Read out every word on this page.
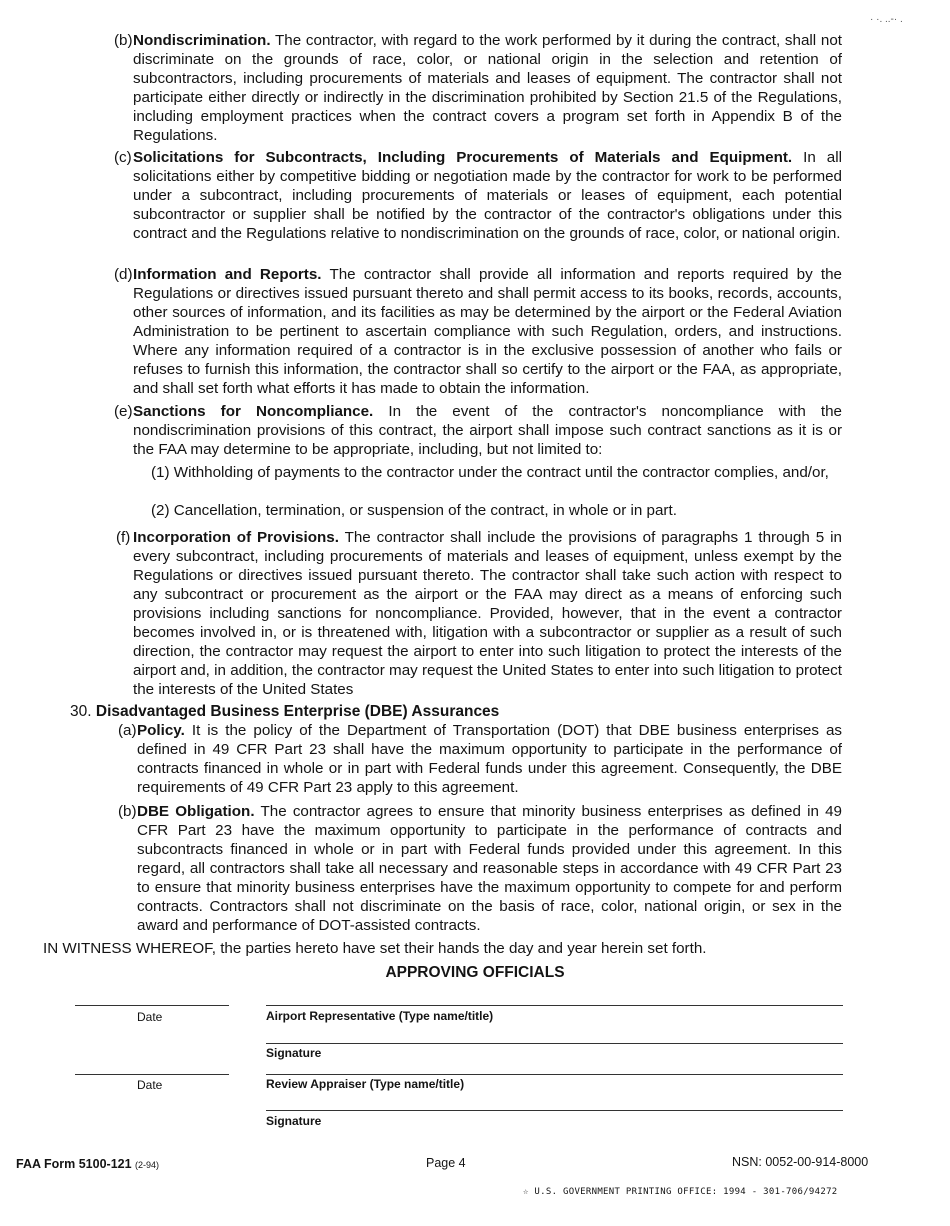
· ·. ..-· .
(b) Nondiscrimination. The contractor, with regard to the work performed by it during the contract, shall not discriminate on the grounds of race, color, or national origin in the selection and retention of subcontractors, including procurements of materials and leases of equipment. The contractor shall not participate either directly or indirectly in the discrimination prohibited by Section 21.5 of the Regulations, including employment practices when the contract covers a program set forth in Appendix B of the Regulations.
(c) Solicitations for Subcontracts, Including Procurements of Materials and Equipment. In all solicitations either by competitive bidding or negotiation made by the contractor for work to be performed under a subcontract, including procurements of materials or leases of equipment, each potential subcontractor or supplier shall be notified by the contractor of the contractor's obligations under this contract and the Regulations relative to nondiscrimination on the grounds of race, color, or national origin.
(d) Information and Reports. The contractor shall provide all information and reports required by the Regulations or directives issued pursuant thereto and shall permit access to its books, records, accounts, other sources of information, and its facilities as may be determined by the airport or the Federal Aviation Administration to be pertinent to ascertain compliance with such Regulation, orders, and instructions. Where any information required of a contractor is in the exclusive possession of another who fails or refuses to furnish this information, the contractor shall so certify to the airport or the FAA, as appropriate, and shall set forth what efforts it has made to obtain the information.
(e) Sanctions for Noncompliance. In the event of the contractor's noncompliance with the nondiscrimination provisions of this contract, the airport shall impose such contract sanctions as it is or the FAA may determine to be appropriate, including, but not limited to:
(1) Withholding of payments to the contractor under the contract until the contractor complies, and/or,
(2) Cancellation, termination, or suspension of the contract, in whole or in part.
(f) Incorporation of Provisions. The contractor shall include the provisions of paragraphs 1 through 5 in every subcontract, including procurements of materials and leases of equipment, unless exempt by the Regulations or directives issued pursuant thereto. The contractor shall take such action with respect to any subcontract or procurement as the airport or the FAA may direct as a means of enforcing such provisions including sanctions for noncompliance. Provided, however, that in the event a contractor becomes involved in, or is threatened with, litigation with a subcontractor or supplier as a result of such direction, the contractor may request the airport to enter into such litigation to protect the interests of the airport and, in addition, the contractor may request the United States to enter into such litigation to protect the interests of the United States
30. Disadvantaged Business Enterprise (DBE) Assurances
(a) Policy. It is the policy of the Department of Transportation (DOT) that DBE business enterprises as defined in 49 CFR Part 23 shall have the maximum opportunity to participate in the performance of contracts financed in whole or in part with Federal funds under this agreement. Consequently, the DBE requirements of 49 CFR Part 23 apply to this agreement.
(b) DBE Obligation. The contractor agrees to ensure that minority business enterprises as defined in 49 CFR Part 23 have the maximum opportunity to participate in the performance of contracts and subcontracts financed in whole or in part with Federal funds provided under this agreement. In this regard, all contractors shall take all necessary and reasonable steps in accordance with 49 CFR Part 23 to ensure that minority business enterprises have the maximum opportunity to compete for and perform contracts. Contractors shall not discriminate on the basis of race, color, national origin, or sex in the award and performance of DOT-assisted contracts.
IN WITNESS WHEREOF, the parties hereto have set their hands the day and year herein set forth.
APPROVING OFFICIALS
Date	Airport Representative (Type name/title)
Signature
Date	Review Appraiser (Type name/title)
Signature
FAA Form 5100-121 (2-94)	Page 4	NSN: 0052-00-914-8000
☆ U.S. GOVERNMENT PRINTING OFFICE: 1994 - 301-706/94272
